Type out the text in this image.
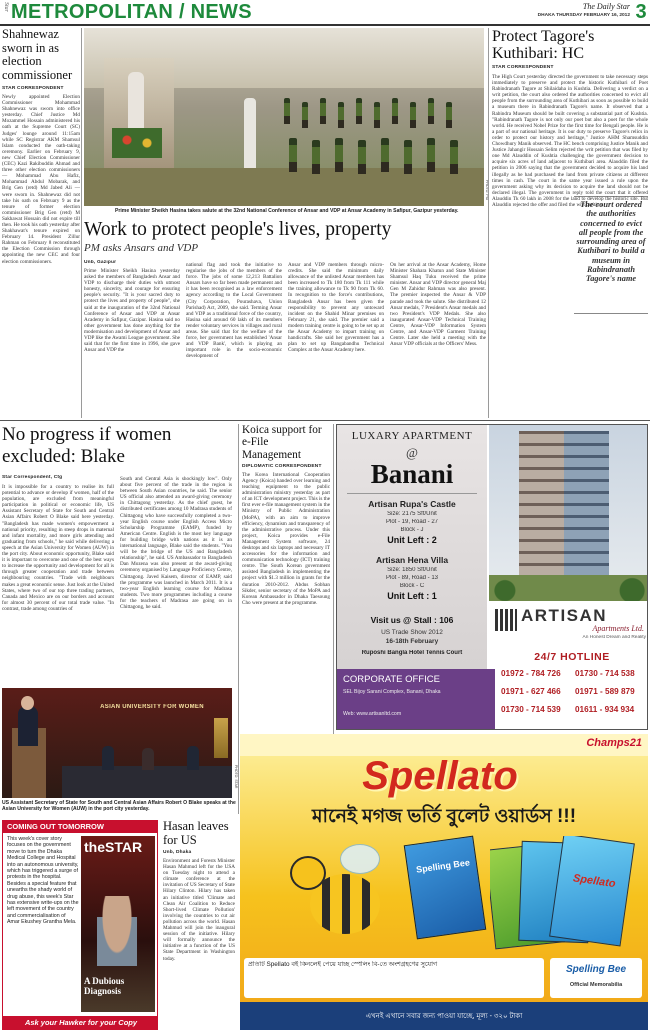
Star METROPOLITAN / NEWS	The Daily Star
DHAKA THURSDAY FEBRUARY 16, 2012 3
Shahnewaz sworn in as election commissioner
STAR CORRESPONDENT
Newly appointed Election Commissioner Mohammad Shahnewaz was sworn into office yesterday. Chief Justice Md Mozammel Hossain administered his oath at the Supreme Court (SC) Judges' lounge around 11:15am while SC Registrar AKM Shamsul Islam conducted the oath-taking ceremony. Earlier on February 9, new Chief Election Commissioner (CEC) Kazi Rakibuddin Ahmad and three other election commissioners — Mohammad Abu Hafiz, Mohammad Abdul Mobarak, and Brig Gen (retd) Md Jabed Ali — were sworn in. Shahnewaz did not take his oath on February 9 as the tenure of former election commissioner Brig Gen (retd) M Sakhawat Hossain did not expire till then. He took his oath yesterday after Shakhawat's tenure expired on February 14. President Zillur Rahman on February 8 reconstituted the Election Commission through appointing the new CEC and four election commissioners.
PHOTO: PID
Prime Minister Sheikh Hasina takes salute at the 32nd National Conference of Ansar and VDP at Ansar Academy in Safipur, Gazipur yesterday.
Work to protect people's lives, property
PM asks Ansars and VDP
Unb, Gazipur
Prime Minister Sheikh Hasina yesterday asked the members of Bangladesh Ansar and VDP to discharge their duties with utmost honesty, sincerity, and courage for ensuring people's security. "It is your sacred duty to protect the lives and property of people", she said at the inauguration of the 32nd National Conference of Ansar and VDP at Ansar Academy in Safipur, Gazipur. Hasina said no other government has done anything for the modernisation and development of Ansar and VDP like the Awami League government. She said that for the first time in 1996, she gave Ansar and VDP the
national flag and took the initiative to regularise the jobs of the members of the force. The jobs of some 12,213 Battalion Ansars have so far been made permanent and it has been recognised as a law enforcement agency according to the Local Government (City Corporation, Pourashava, Union Parishad) Act, 2009, she said. Terming Ansar and VDP as a traditional force of the country, Hasina said around 60 lakh of its members render voluntary services in villages and rural areas. She said that for the welfare of the force, her government has established 'Ansar and VDP Bank', which is playing an important role in the socio-economic development of
Ansar and VDP members through micro-credits. She said the minimum daily allowance of the unlisted Ansar members has been increased to Tk 180 from Tk 111 while the training allowance to Tk 90 from Tk 60. In recognition to the force's contributions, Bangladesh Ansar has been given the responsibility to prevent any untoward incident on the Shahid Minar premises on February 21, she said. The premier said a modern training centre is going to be set up at the Ansar Academy to impart training on handicrafts. She said her government has a plan to set up Bangabandhu Technical Complex at the Ansar Academy here.
On her arrival at the Ansar Academy, Home Minister Shahara Khatun and State Minister Shamsul Haq Tuku received the prime minister. Ansar and VDP director general Maj Gen M Zahidur Rahman was also present. The premier inspected the Ansar & VDP parade and took the salute. She distributed 12 Ansar medals, 7 President's Ansar medals and two President's VDP Medals. She also inaugurated Ansar-VDP Technical Training Centre, Ansar-VDP Information System Centre, and Ansar-VDP Garment Training Centre. Later she held a meeting with the Ansar VDP officials at the Officers' Mess.
Protect Tagore's Kuthibari: HC
STAR CORRESPONDENT
The court ordered the authorities concerned to evict all people from the surrounding area of Kuthibari to build a museum in Rabindranath Tagore's name
The High Court yesterday directed the government to take necessary steps immediately to preserve and protect the historic Kuthibari of Poet Rabindranath Tagore at Shilaidaha in Kushtia. Delivering a verdict on a writ petition, the court also ordered the authorities concerned to evict all people from the surrounding area of Kuthibari as soon as possible to build a museum there in Rabindranath Tagore's name. It observed that a Rabindra Museum should be built covering a substantial part of Kushtia. "Rabindranath Tagore is not only our poet but also a poet for the whole world. He received Nobel Prize for the first time for Bengali people. He is a part of our national heritage. It is our duty to preserve Tagore's relics in order to protect our history and heritage," Justice AHM Shamsuddin Chowdhury Manik observed. The HC bench comprising Justice Manik and Justice Jahangir Hossain Selim rejected the writ petition that was filed by one Md Alauddin of Kushtia challenging the government decision to acquire six acres of land adjacent to Kuthibari area. Alauddin filed the petition in 2006 saying that the government decided to acquire his land illegally as he had purchased the land from private citizens at different times in cash. The court in the same year issued a rule upon the government asking why its decision to acquire the land should not be declared illegal. The government in reply told the court that it offered Alauddin Tk 60 lakh in 2008 for the land to develop the historic site. But Alauddin rejected the offer and filed the writ petition.
No progress if women excluded: Blake
Star Correspondent, Ctg
It is impossible for a country to realise its full potential to advance or develop if women, half of the population, are excluded from meaningful participation in political or economic life, US Assistant Secretary of State for South and Central Asian Affairs Robert O Blake said here yesterday. "Bangladesh has made women's empowerment a national priority, resulting in steep drops in maternal and infant mortality, and more girls attending and graduating from schools," he said while delivering a speech at the Asian University for Women (AUW) in the port city. About economic opportunity, Blake said it is important to overcome and one of the best ways to increase the opportunity and development for all is through greater cooperation and trade between neighbouring countries. "Trade with neighbours makes a great economic sense. Just look at the United States, where two of our top three trading partners, Canada and Mexico are on our borders and account for almost 30 percent of our total trade value. "In contrast, trade among countries of
South and Central Asia is shockingly low". Only about five percent of the trade in the region is between South Asian countries, he said. The senior US official also attended an award-giving ceremony in Chittagong yesterday. As the chief guest, he distributed certificates among 10 Madrasa students of Chittagong who have successfully completed a two-year English course under English Access Micro Scholarship Programme (EAMP), funded by American Centre. English is the most key language for building bridge with nations as it is an international language, Blake said the students. "You will be the bridge of the US and Bangladesh relationship", he said. US Ambassador to Bangladesh Dan Mozena was also present at the award-giving ceremony organised by Language Proficiency Centre, Chittagong. Javed Kaisem, director of EAMP, said the programme was launched in March 2011. It is a two-year English learning course for Madrasa students. Two more programmes including a course for the teachers of Madrasa are going on in Chittagong, he said.
ASIAN UNIVERSITY FOR WOMEN
PHOTO: STAR
US Assistant Secretary of State for South and Central Asian Affairs Robert O Blake speaks at the Asian University for Women (AUW) in the port city yesterday.
Koica support for e-File Management
DIPLOMATIC CORRESPONDENT
The Korea International Cooperation Agency (Koica) handed over learning and teaching equipment to the public administration ministry yesterday as part of an ICT development project. This is the first ever e-file management system in the Ministry of Public Administration (MoPA), with an aim to improve efficiency, dynamism and transparency of the administrative process. Under this project, Koica provides e-File Management System software, 24 desktops and six laptops and necessary IT accessories for the information and communication technology (ICT) training centre. The South Korean government assisted Bangladesh in implementing the project with $1.3 million in grants for the duration 2010-2012. Abdus Sobhan Sikder, senior secretary of the MoPA and Korean Ambassador in Dhaka Taesoung Cho were present at the programme.
LUXARY APARTMENT
@
Banani
Artisan Rupa's Castle
Size: 2175 Sft/Unit
Plot - 19, Road - 27
Block - J
Unit Left : 2
Artisan Hena Villa
Size: 1850 Sft/Unit
Plot - 89, Road - 13
Block - C
Unit Left : 1
Visit us @ Stall : 106
US Trade Show 2012
16-18th February
Ruposhi Bangla Hotel Tennis Court
ARTISAN
Apartments Ltd.
An Honest Dream and Reality
CORPORATE OFFICE
SEL Bijoy Sarani Complex, Banani, Dhaka
Web: www.artisanltd.com
24/7 HOTLINE
01972 - 784 726	01730 - 714 538
01971 - 627 466	01971 - 589 879
01730 - 714 539	01611 - 934 934
Champs21
Spellato
মানেই মগজ ভর্তি বুলেট ওয়ার্ডস !!!
Spelling Bee
Spellato
প্রতিটি Spellato বই কিনলেই পেয়ে যাচ্ছ স্পেলিং বি-তে অংশগ্রহণের সুযোগ	Spelling Bee
Official Memorabilia
এখনই এখানে সবার জন্য পাওয়া যাচ্ছে, মূল্য - ৩২০ টাকা
COMING OUT TOMORROW
This week's cover story focuses on the government move to turn the Dhaka Medical College and Hospital into an autonomous university, which has triggered a surge of protests in the hospital. Besides a special feature that unearths the shady world of drug abuse, this week's Star has extensive write-ups on the left movement of the country and commercialisation of Amar Ekushey Grantha Mela.
theSTAR
A Dubious Diagnosis
Ask your Hawker for your Copy
Hasan leaves for US
Unb, Dhaka
Environment and Forests Minister Hasan Mahmud left for the USA on Tuesday night to attend a climate conference at the invitation of US Secretary of State Hilary Clinton. Hilary has taken an initiative titled 'Climate and Clean Air Coalition to Reduce Short-lived Climate Pollution' involving the countries to cut air pollution across the world. Hasan Mahmud will join the inaugural session of the initiative. Hilary will formally announce the initiative at a function of the US State Department in Washington today.
